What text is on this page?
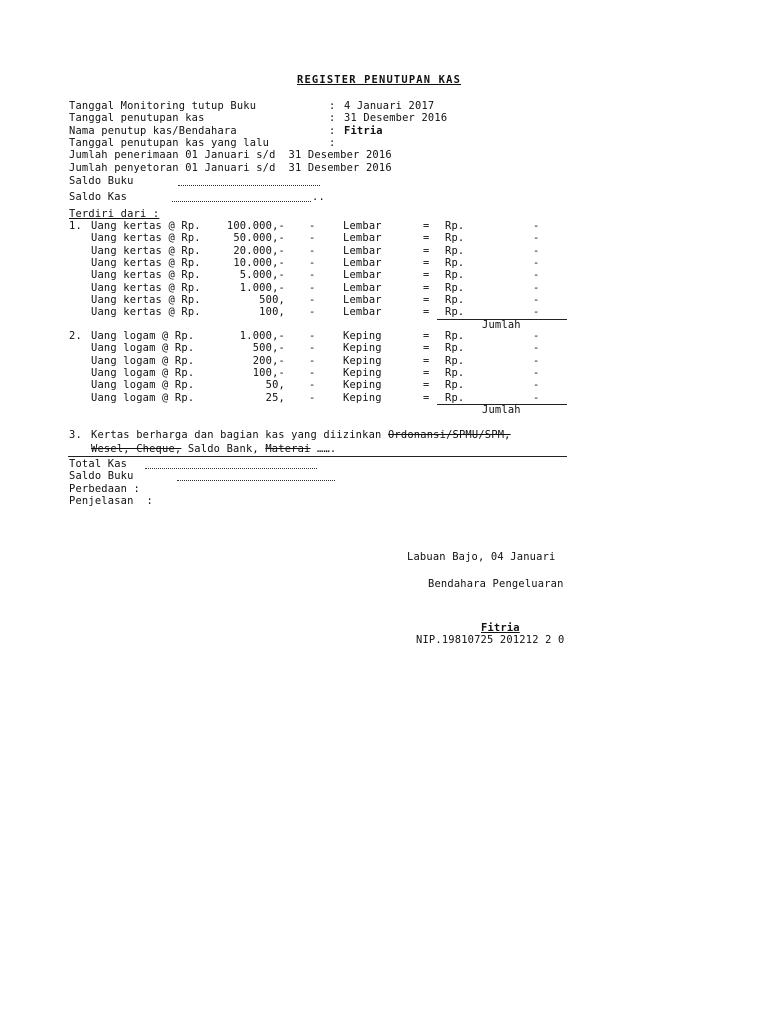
REGISTER PENUTUPAN KAS
Tanggal Monitoring tutup Buku	: 4 Januari 2017
Tanggal penutupan kas	: 31 Desember 2016
Nama penutup kas/Bendahara	: Fitria
Tanggal penutupan kas yang lalu	:
Jumlah penerimaan 01 Januari s/d  31 Desember 2016
Jumlah penyetoran 01 Januari s/d  31 Desember 2016
Saldo Buku
Saldo Kas	..
Terdiri dari :
1. Uang kertas @ Rp.	100.000,- -	Lembar	= Rp.	-
Uang kertas @ Rp.	50.000,- -	Lembar	= Rp.	-
Uang kertas @ Rp.	20.000,- -	Lembar	= Rp.	-
Uang kertas @ Rp.	10.000,- -	Lembar	= Rp.	-
Uang kertas @ Rp.	5.000,- -	Lembar	= Rp.	-
Uang kertas @ Rp.	1.000,- -	Lembar	= Rp.	-
Uang kertas @ Rp.	500, -	Lembar	= Rp.	-
Uang kertas @ Rp.	100, -	Lembar	= Rp.	-
Jumlah
2. Uang logam @ Rp.	1.000,- -	Keping	= Rp.	-
Uang logam @ Rp.	500,- -	Keping	= Rp.	-
Uang logam @ Rp.	200,- -	Keping	= Rp.	-
Uang logam @ Rp.	100,- -	Keping	= Rp.	-
Uang logam @ Rp.	50, -	Keping	= Rp.	-
Uang logam @ Rp.	25, -	Keping	= Rp.	-
Jumlah
3. Kertas berharga dan bagian kas yang diizinkan Ordonansi/SPMU/SPM,
Wesel, Cheque, Saldo Bank, Materai …….
Total Kas
Saldo Buku
Perbedaan :
Penjelasan  :
Labuan Bajo, 04 Januari
Bendahara Pengeluaran
Fitria
NIP.19810725 201212 2 0
